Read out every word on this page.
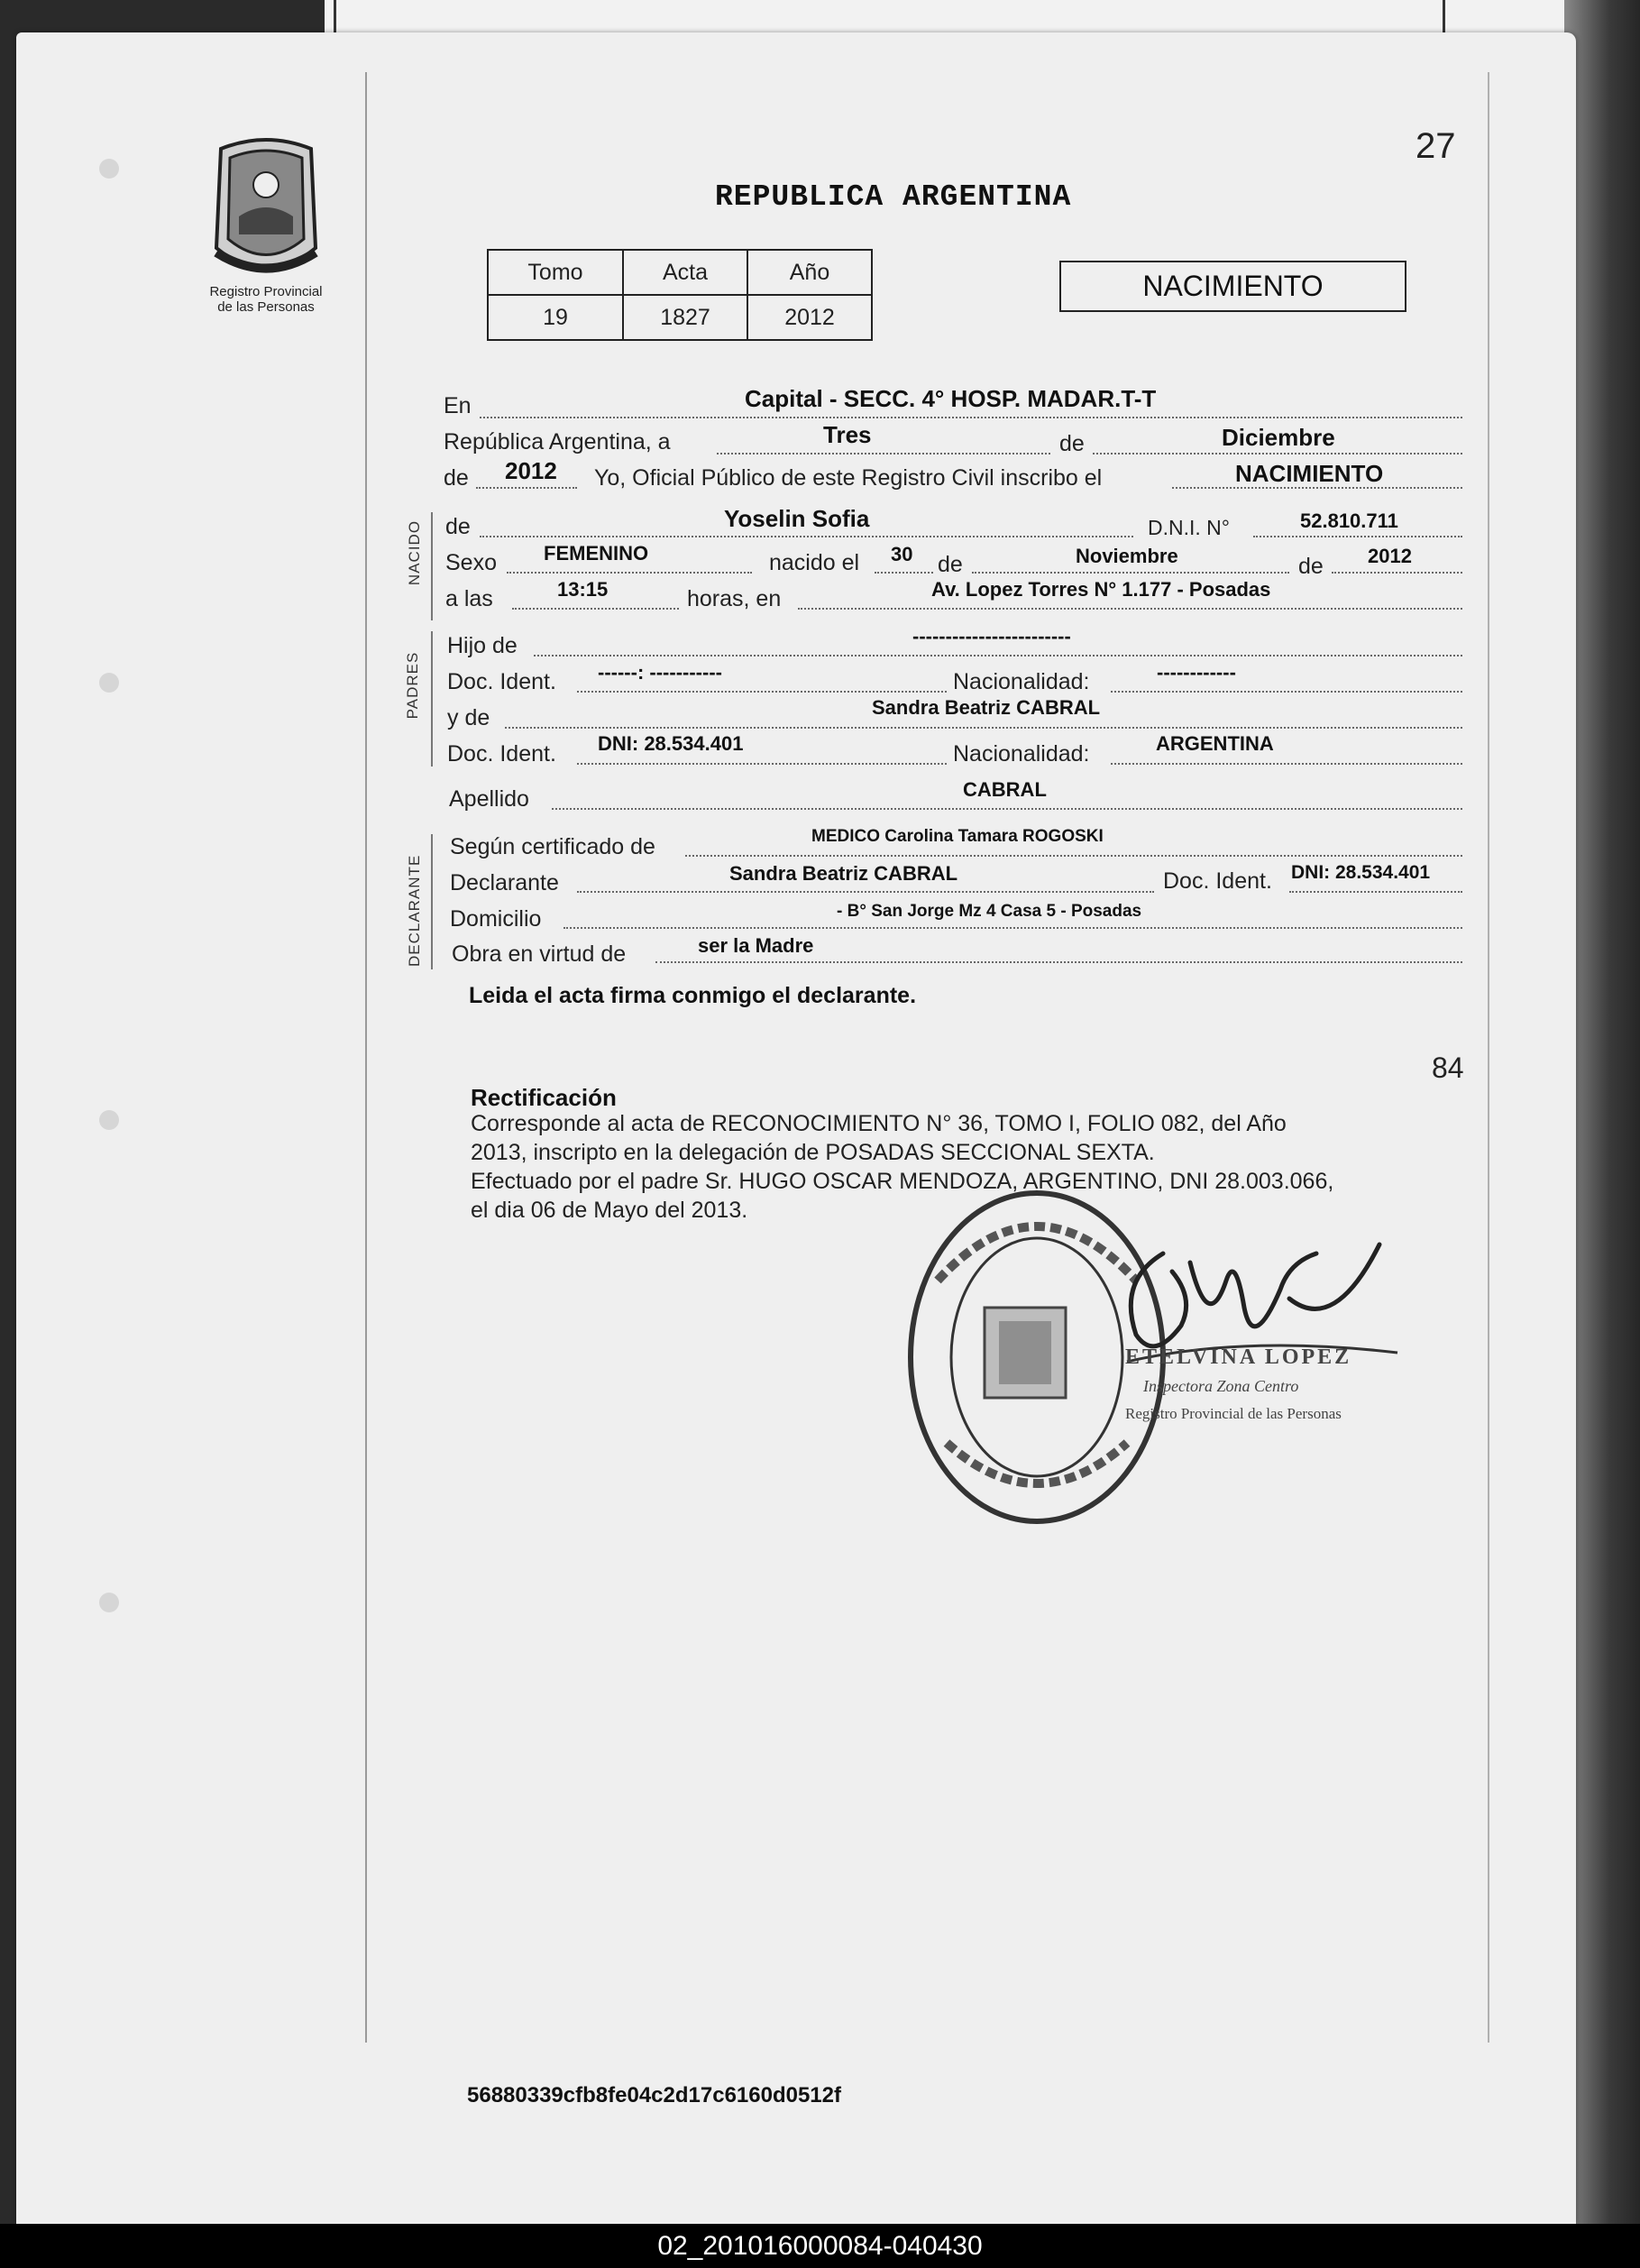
Registro Provincial
de las Personas
27
REPUBLICA ARGENTINA
Tomo	Acta	Año
19	1827	2012
NACIMIENTO
En	Capital - SECC. 4° HOSP. MADAR.T-T
República Argentina, a	Tres	de	Diciembre
de 2012 Yo, Oficial Público de este Registro Civil inscribo el	NACIMIENTO
NACIDO de	Yoselin Sofia	D.N.I. N°	52.810.711
Sexo FEMENINO	nacido el 30 de	Noviembre	de 2012
a las	13:15	horas, en	Av. Lopez Torres N° 1.177 - Posadas
PADRES
Hijo de	------------------------
Doc. Ident. ------: -----------	Nacionalidad:	------------
y de	Sandra Beatriz CABRAL
Doc. Ident. DNI: 28.534.401	Nacionalidad:	ARGENTINA
Apellido	CABRAL
DECLARANTE
Según certificado de	MEDICO Carolina Tamara ROGOSKI
Declarante	Sandra Beatriz CABRAL	Doc. Ident. DNI: 28.534.401
Domicilio	- B° San Jorge Mz 4 Casa 5 - Posadas
Obra en virtud de	ser la Madre
Leida el acta firma conmigo el declarante.
84
Rectificación
Corresponde al acta de RECONOCIMIENTO N° 36, TOMO I, FOLIO 082, del Año
2013, inscripto en la delegación de POSADAS SECCIONAL SEXTA.
Efectuado por el padre Sr. HUGO OSCAR MENDOZA, ARGENTINO, DNI 28.003.066,
el dia 06 de Mayo del 2013.
ETELVINA LOPEZ
Inspectora Zona Centro
Registro Provincial de las Personas
56880339cfb8fe04c2d17c6160d0512f
02_201016000084-040430
